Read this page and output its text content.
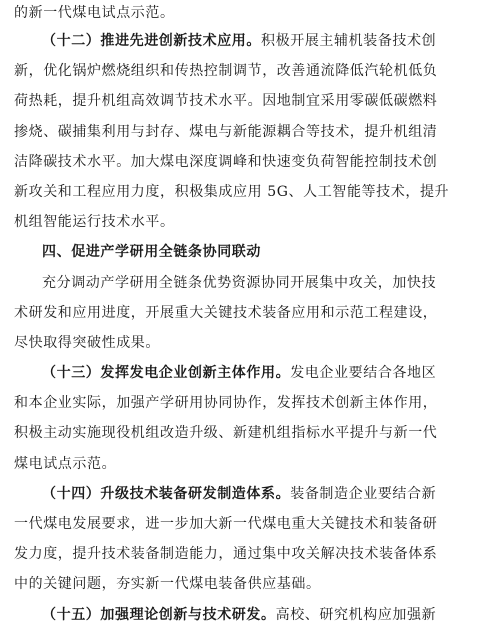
的新一代煤电试点示范。
（十二）推进先进创新技术应用。积极开展主辅机装备技术创
新，优化锅炉燃烧组织和传热控制调节，改善通流降低汽轮机低负
荷热耗，提升机组高效调节技术水平。因地制宜采用零碳低碳燃料
掺烧、碳捕集利用与封存、煤电与新能源耦合等技术，提升机组清
洁降碳技术水平。加大煤电深度调峰和快速变负荷智能控制技术创
新攻关和工程应用力度，积极集成应用 5G、人工智能等技术，提升
机组智能运行技术水平。
四、促进产学研用全链条协同联动
充分调动产学研用全链条优势资源协同开展集中攻关，加快技
术研发和应用进度，开展重大关键技术装备应用和示范工程建设，
尽快取得突破性成果。
（十三）发挥发电企业创新主体作用。发电企业要结合各地区
和本企业实际，加强产学研用协同协作，发挥技术创新主体作用，
积极主动实施现役机组改造升级、新建机组指标水平提升与新一代
煤电试点示范。
（十四）升级技术装备研发制造体系。装备制造企业要结合新
一代煤电发展要求，进一步加大新一代煤电重大关键技术和装备研
发力度，提升技术装备制造能力，通过集中攻关解决技术装备体系
中的关键问题，夯实新一代煤电装备供应基础。
（十五）加强理论创新与技术研发。高校、研究机构应加强新
